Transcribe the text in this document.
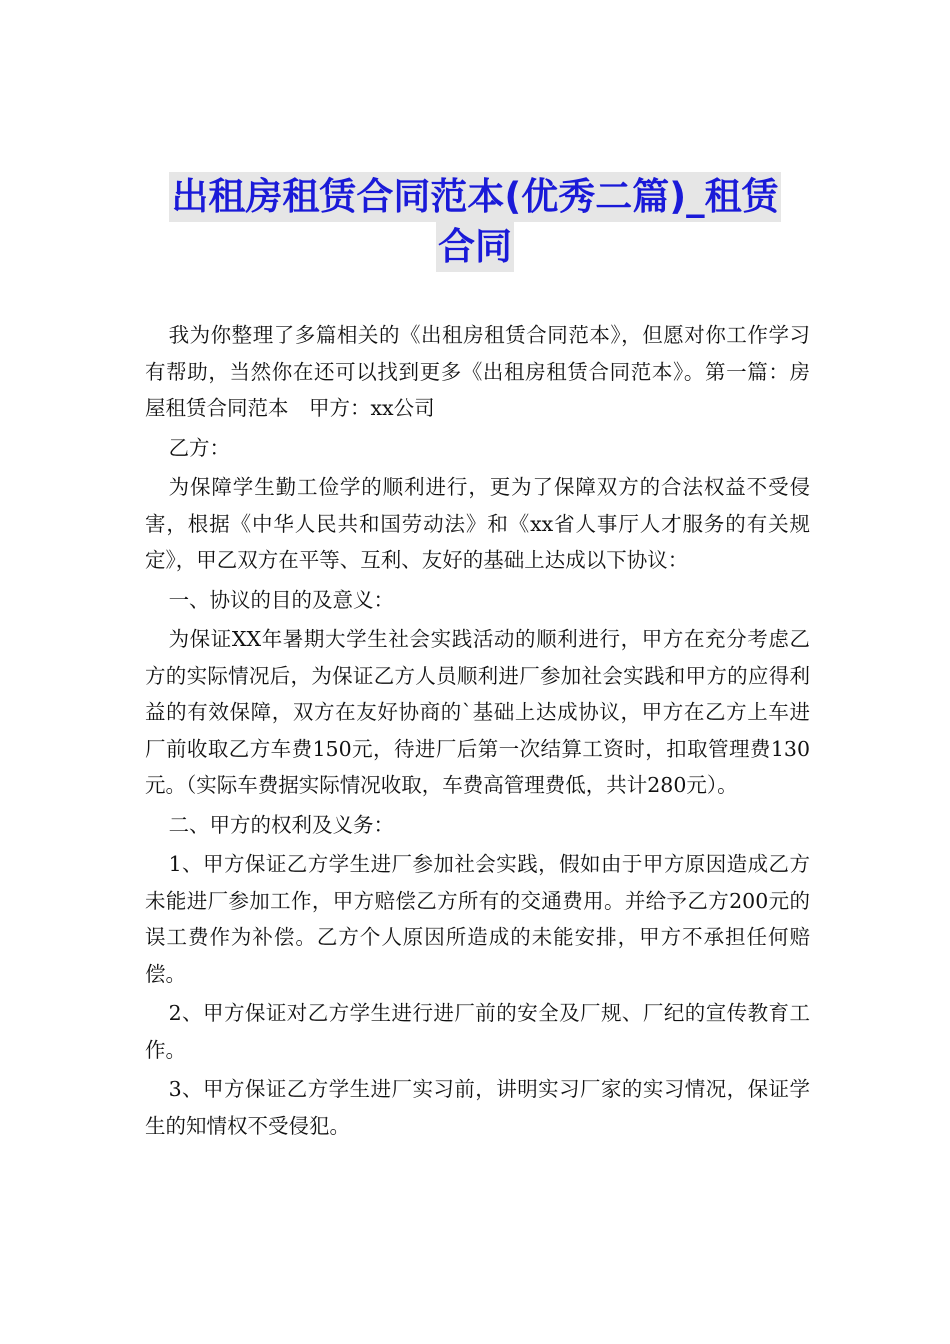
出租房租赁合同范本(优秀二篇)_租赁
合同

我为你整理了多篇相关的《出租房租赁合同范本》，但愿对你工作学习有帮助，当然你在还可以找到更多《出租房租赁合同范本》。第一篇：房屋租赁合同范本　甲方：xx公司

乙方：

为保障学生勤工俭学的顺利进行，更为了保障双方的合法权益不受侵害，根据《中华人民共和国劳动法》和《xx省人事厅人才服务的有关规定》，甲乙双方在平等、互利、友好的基础上达成以下协议：

一、协议的目的及意义：

为保证XX年暑期大学生社会实践活动的顺利进行，甲方在充分考虑乙方的实际情况后，为保证乙方人员顺利进厂参加社会实践和甲方的应得利益的有效保障，双方在友好协商的`基础上达成协议，甲方在乙方上车进厂前收取乙方车费150元，待进厂后第一次结算工资时，扣取管理费130元。（实际车费据实际情况收取，车费高管理费低，共计280元）。

二、甲方的权利及义务：

1、甲方保证乙方学生进厂参加社会实践，假如由于甲方原因造成乙方未能进厂参加工作，甲方赔偿乙方所有的交通费用。并给予乙方200元的误工费作为补偿。乙方个人原因所造成的未能安排，甲方不承担任何赔偿。

2、甲方保证对乙方学生进行进厂前的安全及厂规、厂纪的宣传教育工作。

3、甲方保证乙方学生进厂实习前，讲明实习厂家的实习情况，保证学生的知情权不受侵犯。
